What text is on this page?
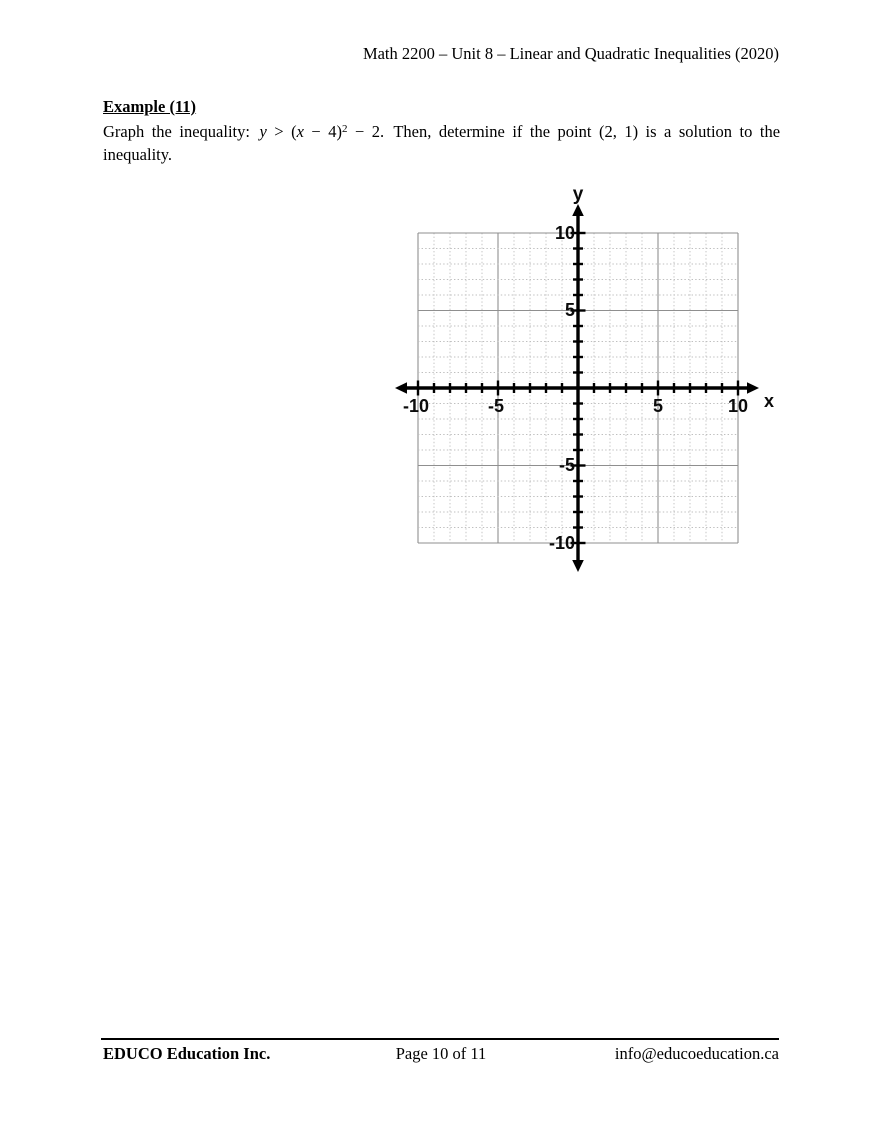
Math 2200 – Unit 8 – Linear and Quadratic Inequalities (2020)
Example (11)
Graph the inequality: $y > (x - 4)^2 - 2$. Then, determine if the point (2, 1) is a solution to the
inequality.
y
x
-10	-5	5	10
10
5
-5
-10
EDUCO Education Inc.	Page 10 of 11	info@educoeducation.ca
